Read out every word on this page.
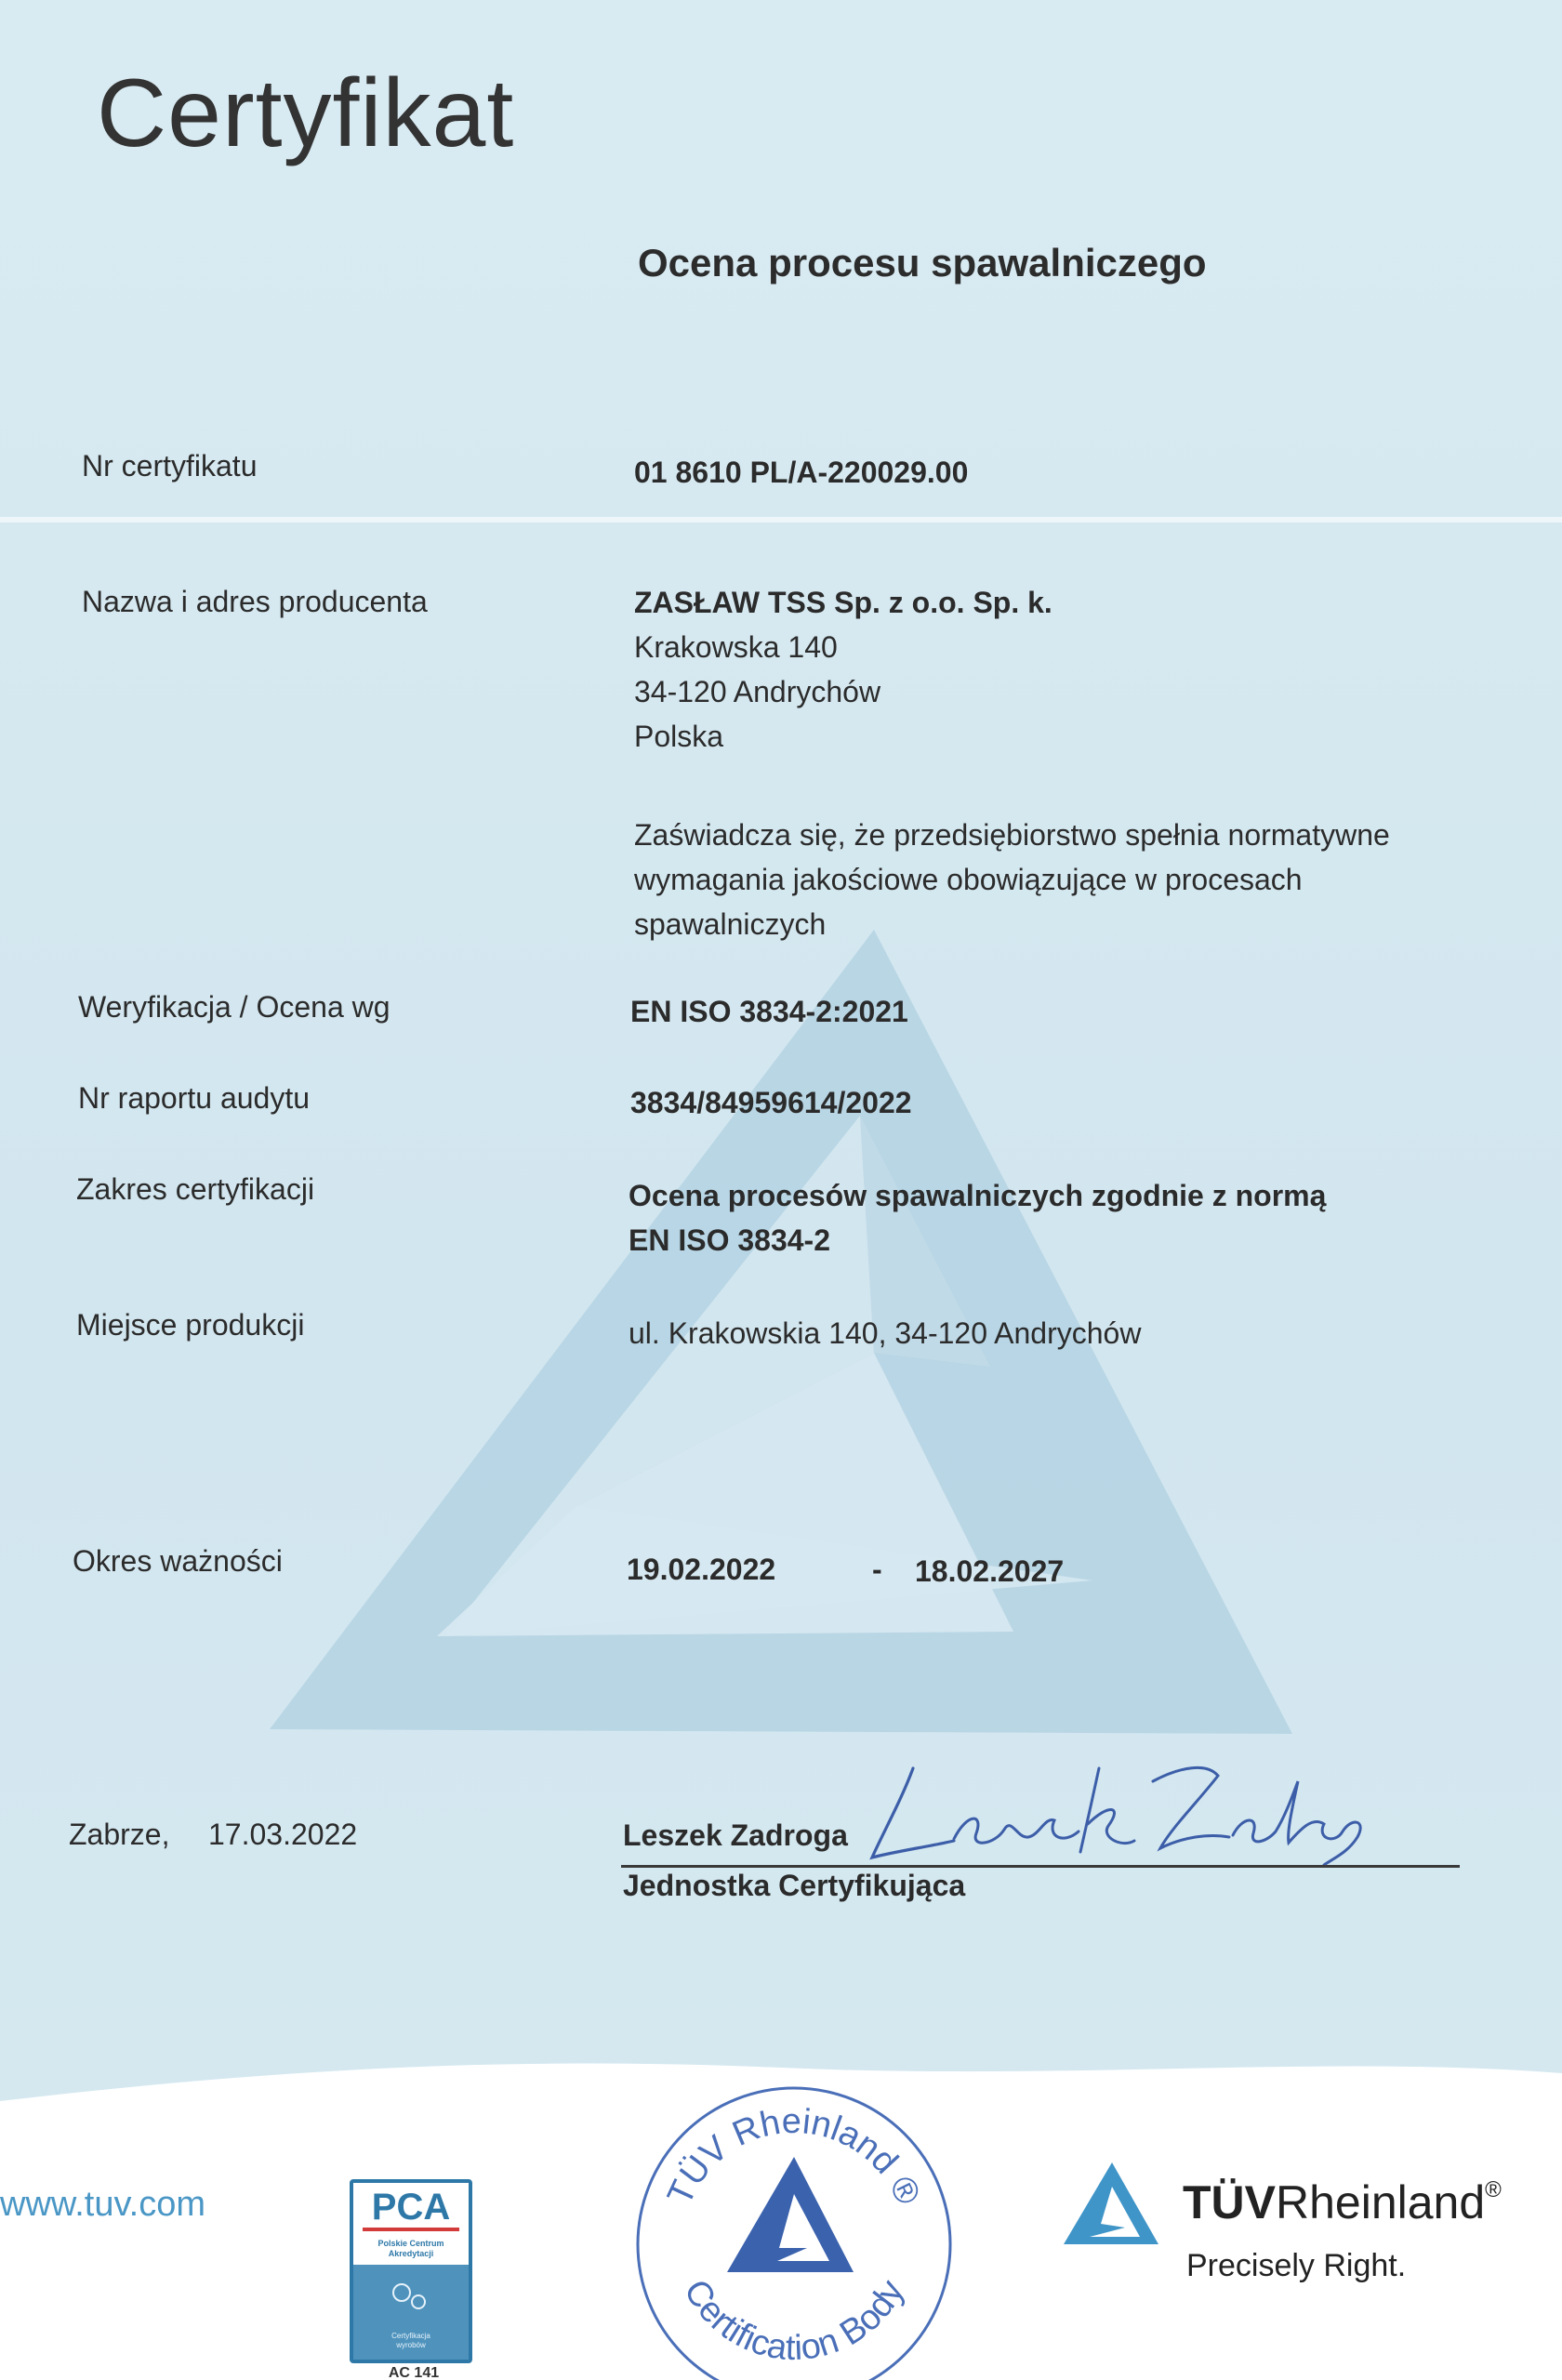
Certyfikat
Ocena procesu spawalniczego
Nr certyfikatu	01 8610 PL/A-220029.00
Nazwa i adres producenta	ZASŁAW TSS Sp. z o.o. Sp. k.
Krakowska 140
34-120 Andrychów
Polska
Zaświadcza się, że przedsiębiorstwo spełnia normatywne
wymagania jakościowe obowiązujące w procesach
spawalniczych
Weryfikacja / Ocena wg	EN ISO 3834-2:2021
Nr raportu audytu	3834/84959614/2022
Zakres certyfikacji	Ocena procesów spawalniczych zgodnie z normą
EN ISO 3834-2
Miejsce produkcji	ul. Krakowskia 140, 34-120 Andrychów
Okres ważności	19.02.2022	- 18.02.2027
Zabrze, 17.03.2022	Leszek Zadroga
Jednostka Certyfikująca
www.tuv.com	PCA
Polskie Centrum
Akredytacji
Certyfikacja
wyrobów
AC 141
TÜV Rheinland ®
Certification Body
TÜVRheinland®
Precisely Right.
